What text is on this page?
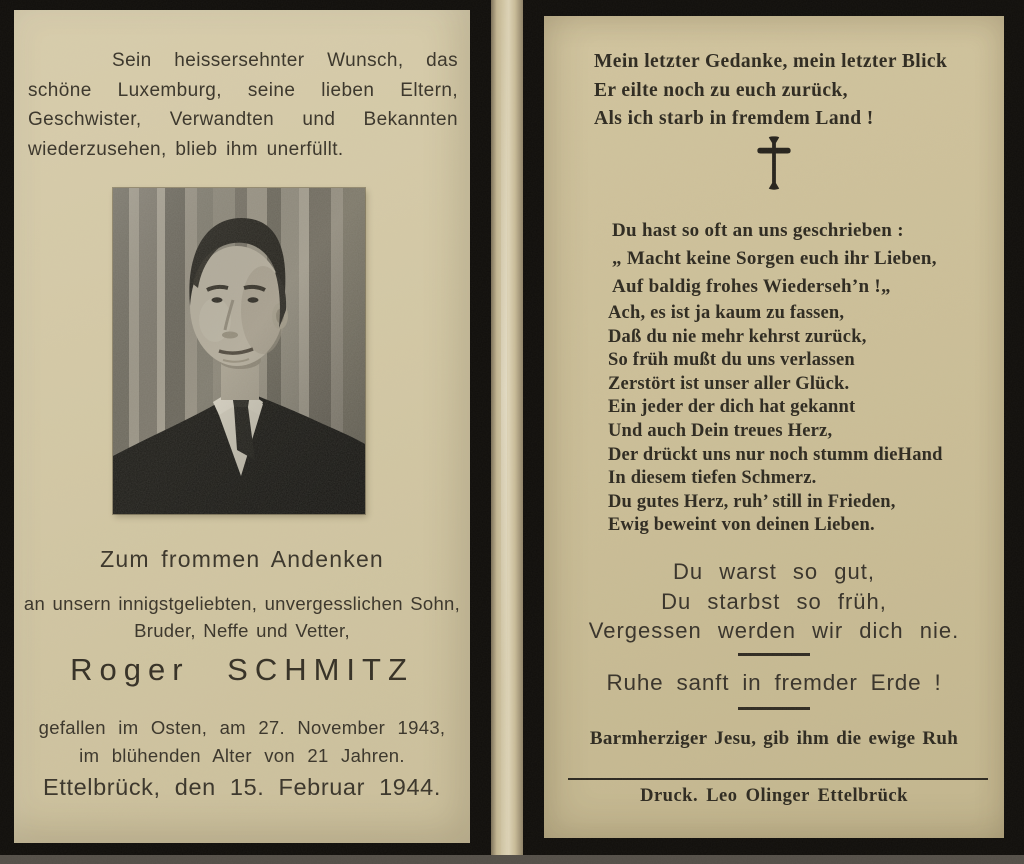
Sein heissersehnter Wunsch, das schöne Luxemburg, seine lieben Eltern, Geschwister, Verwandten und Bekannten wiederzusehen, blieb ihm unerfüllt.

Zum frommen Andenken
an unsern innigstgeliebten, unvergesslichen Sohn,
Bruder, Neffe und Vetter,
Roger SCHMITZ
gefallen im Osten, am 27. November 1943,
im blühenden Alter von 21 Jahren.
Ettelbrück, den 15. Februar 1944.
Mein letzter Gedanke, mein letzter Blick
Er eilte noch zu euch zurück,
Als ich starb in fremdem Land !
Du hast so oft an uns geschrieben :
„ Macht keine Sorgen euch ihr Lieben,
Auf baldig frohes Wiederseh’n !„
Ach, es ist ja kaum zu fassen,
Daß du nie mehr kehrst zurück,
So früh mußt du uns verlassen
Zerstört ist unser aller Glück.
Ein jeder der dich hat gekannt
Und auch Dein treues Herz,
Der drückt uns nur noch stumm dieHand
In diesem tiefen Schmerz.
Du gutes Herz, ruh’ still in Frieden,
Ewig beweint von deinen Lieben.
Du warst so gut,
Du starbst so früh,
Vergessen werden wir dich nie.
Ruhe sanft in fremder Erde !
Barmherziger Jesu, gib ihm die ewige Ruh
Druck. Leo Olinger Ettelbrück
